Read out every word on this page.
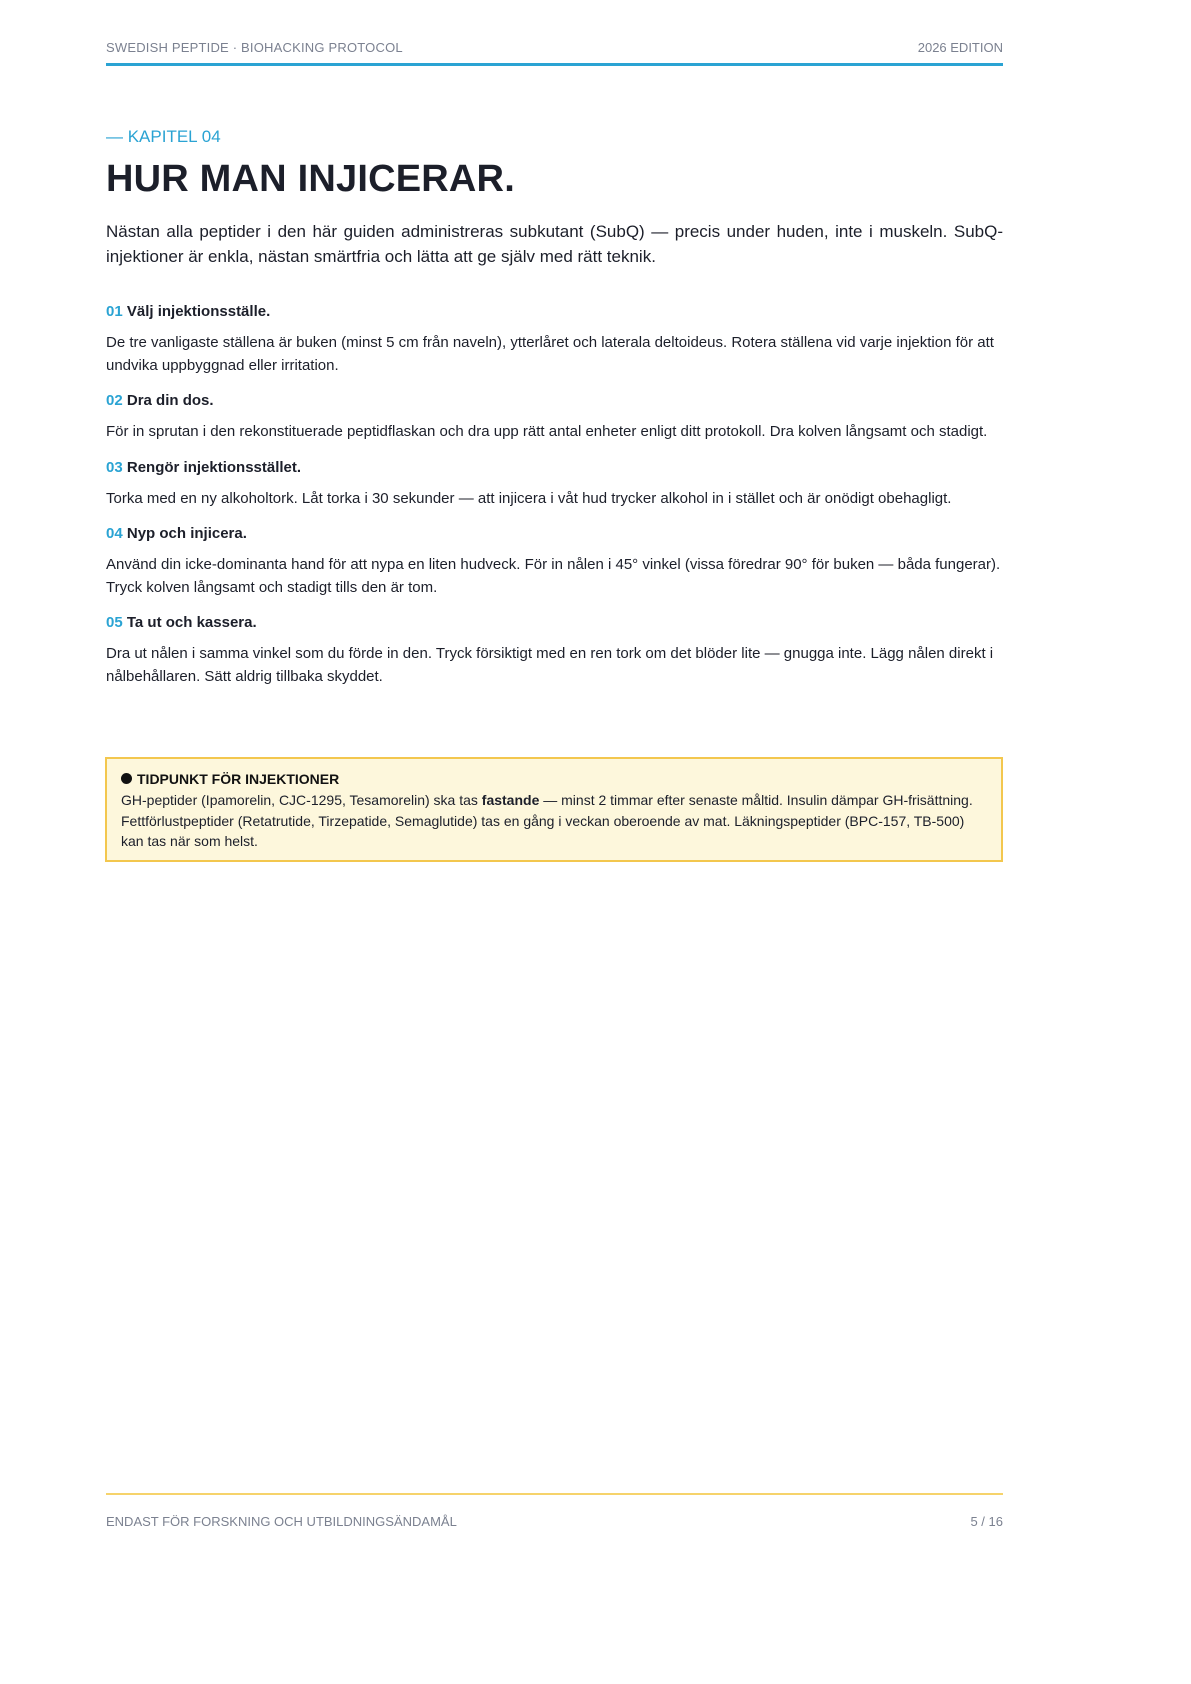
SWEDISH PEPTIDE · BIOHACKING PROTOCOL	2026 EDITION
— KAPITEL 04
HUR MAN INJICERAR.

Nästan alla peptider i den här guiden administreras subkutant (SubQ) — precis under huden, inte i muskeln. SubQ-injektioner är enkla, nästan smärtfria och lätta att ge själv med rätt teknik.

01 Välj injektionsställe.

De tre vanligaste ställena är buken (minst 5 cm från naveln), ytterlåret och laterala deltoideus. Rotera ställena vid varje injektion för att undvika uppbyggnad eller irritation.

02 Dra din dos.

För in sprutan i den rekonstituerade peptidflaskan och dra upp rätt antal enheter enligt ditt protokoll. Dra kolven långsamt och stadigt.

03 Rengör injektionsstället.

Torka med en ny alkoholtork. Låt torka i 30 sekunder — att injicera i våt hud trycker alkohol in i stället och är onödigt obehagligt.

04 Nyp och injicera.

Använd din icke-dominanta hand för att nypa en liten hudveck. För in nålen i 45° vinkel (vissa föredrar 90° för buken — båda fungerar). Tryck kolven långsamt och stadigt tills den är tom.

05 Ta ut och kassera.

Dra ut nålen i samma vinkel som du förde in den. Tryck försiktigt med en ren tork om det blöder lite — gnugga inte. Lägg nålen direkt i nålbehållaren. Sätt aldrig tillbaka skyddet.

TIDPUNKT FÖR INJEKTIONER

GH-peptider (Ipamorelin, CJC-1295, Tesamorelin) ska tas fastande — minst 2 timmar efter senaste måltid. Insulin dämpar GH-frisättning. Fettförlustpeptider (Retatrutide, Tirzepatide, Semaglutide) tas en gång i veckan oberoende av mat. Läkningspeptider (BPC-157, TB-500) kan tas när som helst.

ENDAST FÖR FORSKNING OCH UTBILDNINGSÄNDAMÅL	5 / 16
